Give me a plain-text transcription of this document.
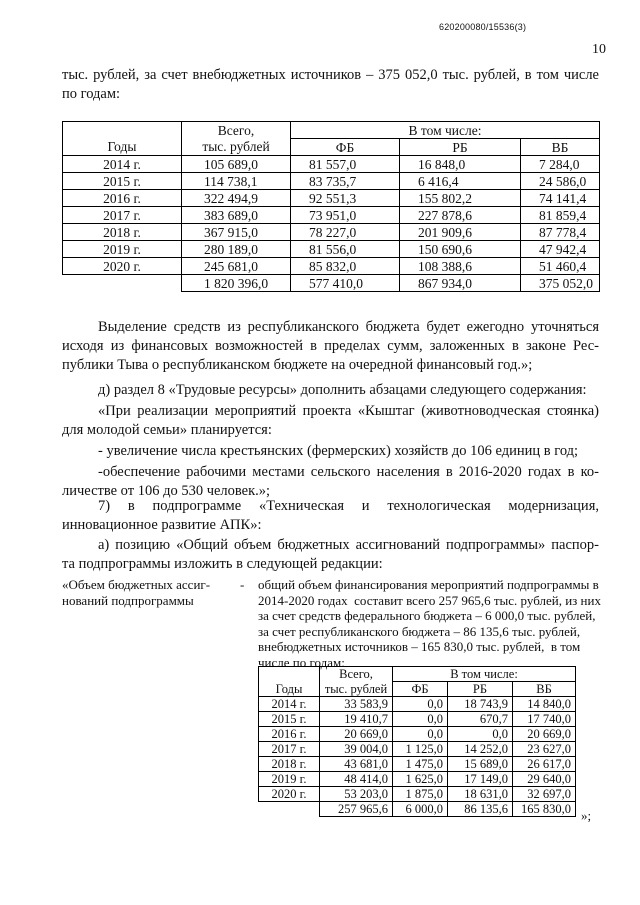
620200080/15536(3)
10

тыс. рублей, за счет внебюджетных источников – 375 052,0 тыс. рублей, в том числе

по годам:

	Всего,	В том числе:		
Годы	тыс. рублей	ФБ	РБ	ВБ
2014 г.	105 689,0	81 557,0	16 848,0	7 284,0
2015 г.	114 738,1	83 735,7	6 416,4	24 586,0
2016 г.	322 494,9	92 551,3	155 802,2	74 141,4
2017 г.	383 689,0	73 951,0	227 878,6	81 859,4
2018 г.	367 915,0	78 227,0	201 909,6	87 778,4
2019 г.	280 189,0	81 556,0	150 690,6	47 942,4
2020 г.	245 681,0	85 832,0	108 388,6	51 460,4
	1 820 396,0	577 410,0	867 934,0	375 052,0

Выделение средств из республиканского бюджета будет ежегодно уточняться

исходя из финансовых возможностей в пределах сумм, заложенных в законе Рес-

публики Тыва о республиканском бюджете на очередной финансовый год.»;

д) раздел 8 «Трудовые ресурсы» дополнить абзацами следующего содержания:

«При реализации мероприятий проекта «Кыштаг (животноводческая стоянка)

для молодой семьи» планируется:

- увеличение числа крестьянских (фермерских) хозяйств до 106 единиц в год;

-обеспечение рабочими местами сельского населения в 2016-2020 годах в ко-

личестве от 106 до 530 человек.»;

7)   в   подпрограмме   «Техническая   и   технологическая   модернизация,

инновационное развитие АПК»:

а) позицию «Общий объем бюджетных ассигнований подпрограммы» паспор-

та подпрограммы изложить в следующей редакции:

«Объем бюджетных ассиг-
нований подпрограммы
- общий объем финансирования мероприятий подпрограммы в
2014-2020 годах  составит всего 257 965,6 тыс. рублей, из них
за счет средств федерального бюджета – 6 000,0 тыс. рублей,
за счет республиканского бюджета – 86 135,6 тыс. рублей,
внебюджетных источников – 165 830,0 тыс. рублей,  в том
числе по годам:
	Всего,	В том числе:		
Годы	тыс. рублей	ФБ	РБ	ВБ
2014 г.	33 583,9	0,0	18 743,9	14 840,0
2015 г.	19 410,7	0,0	670,7	17 740,0
2016 г.	20 669,0	0,0	0,0	20 669,0
2017 г.	39 004,0	1 125,0	14 252,0	23 627,0
2018 г.	43 681,0	1 475,0	15 689,0	26 617,0
2019 г.	48 414,0	1 625,0	17 149,0	29 640,0
2020 г.	53 203,0	1 875,0	18 631,0	32 697,0
	257 965,6	6 000,0	86 135,6	165 830,0 »;
